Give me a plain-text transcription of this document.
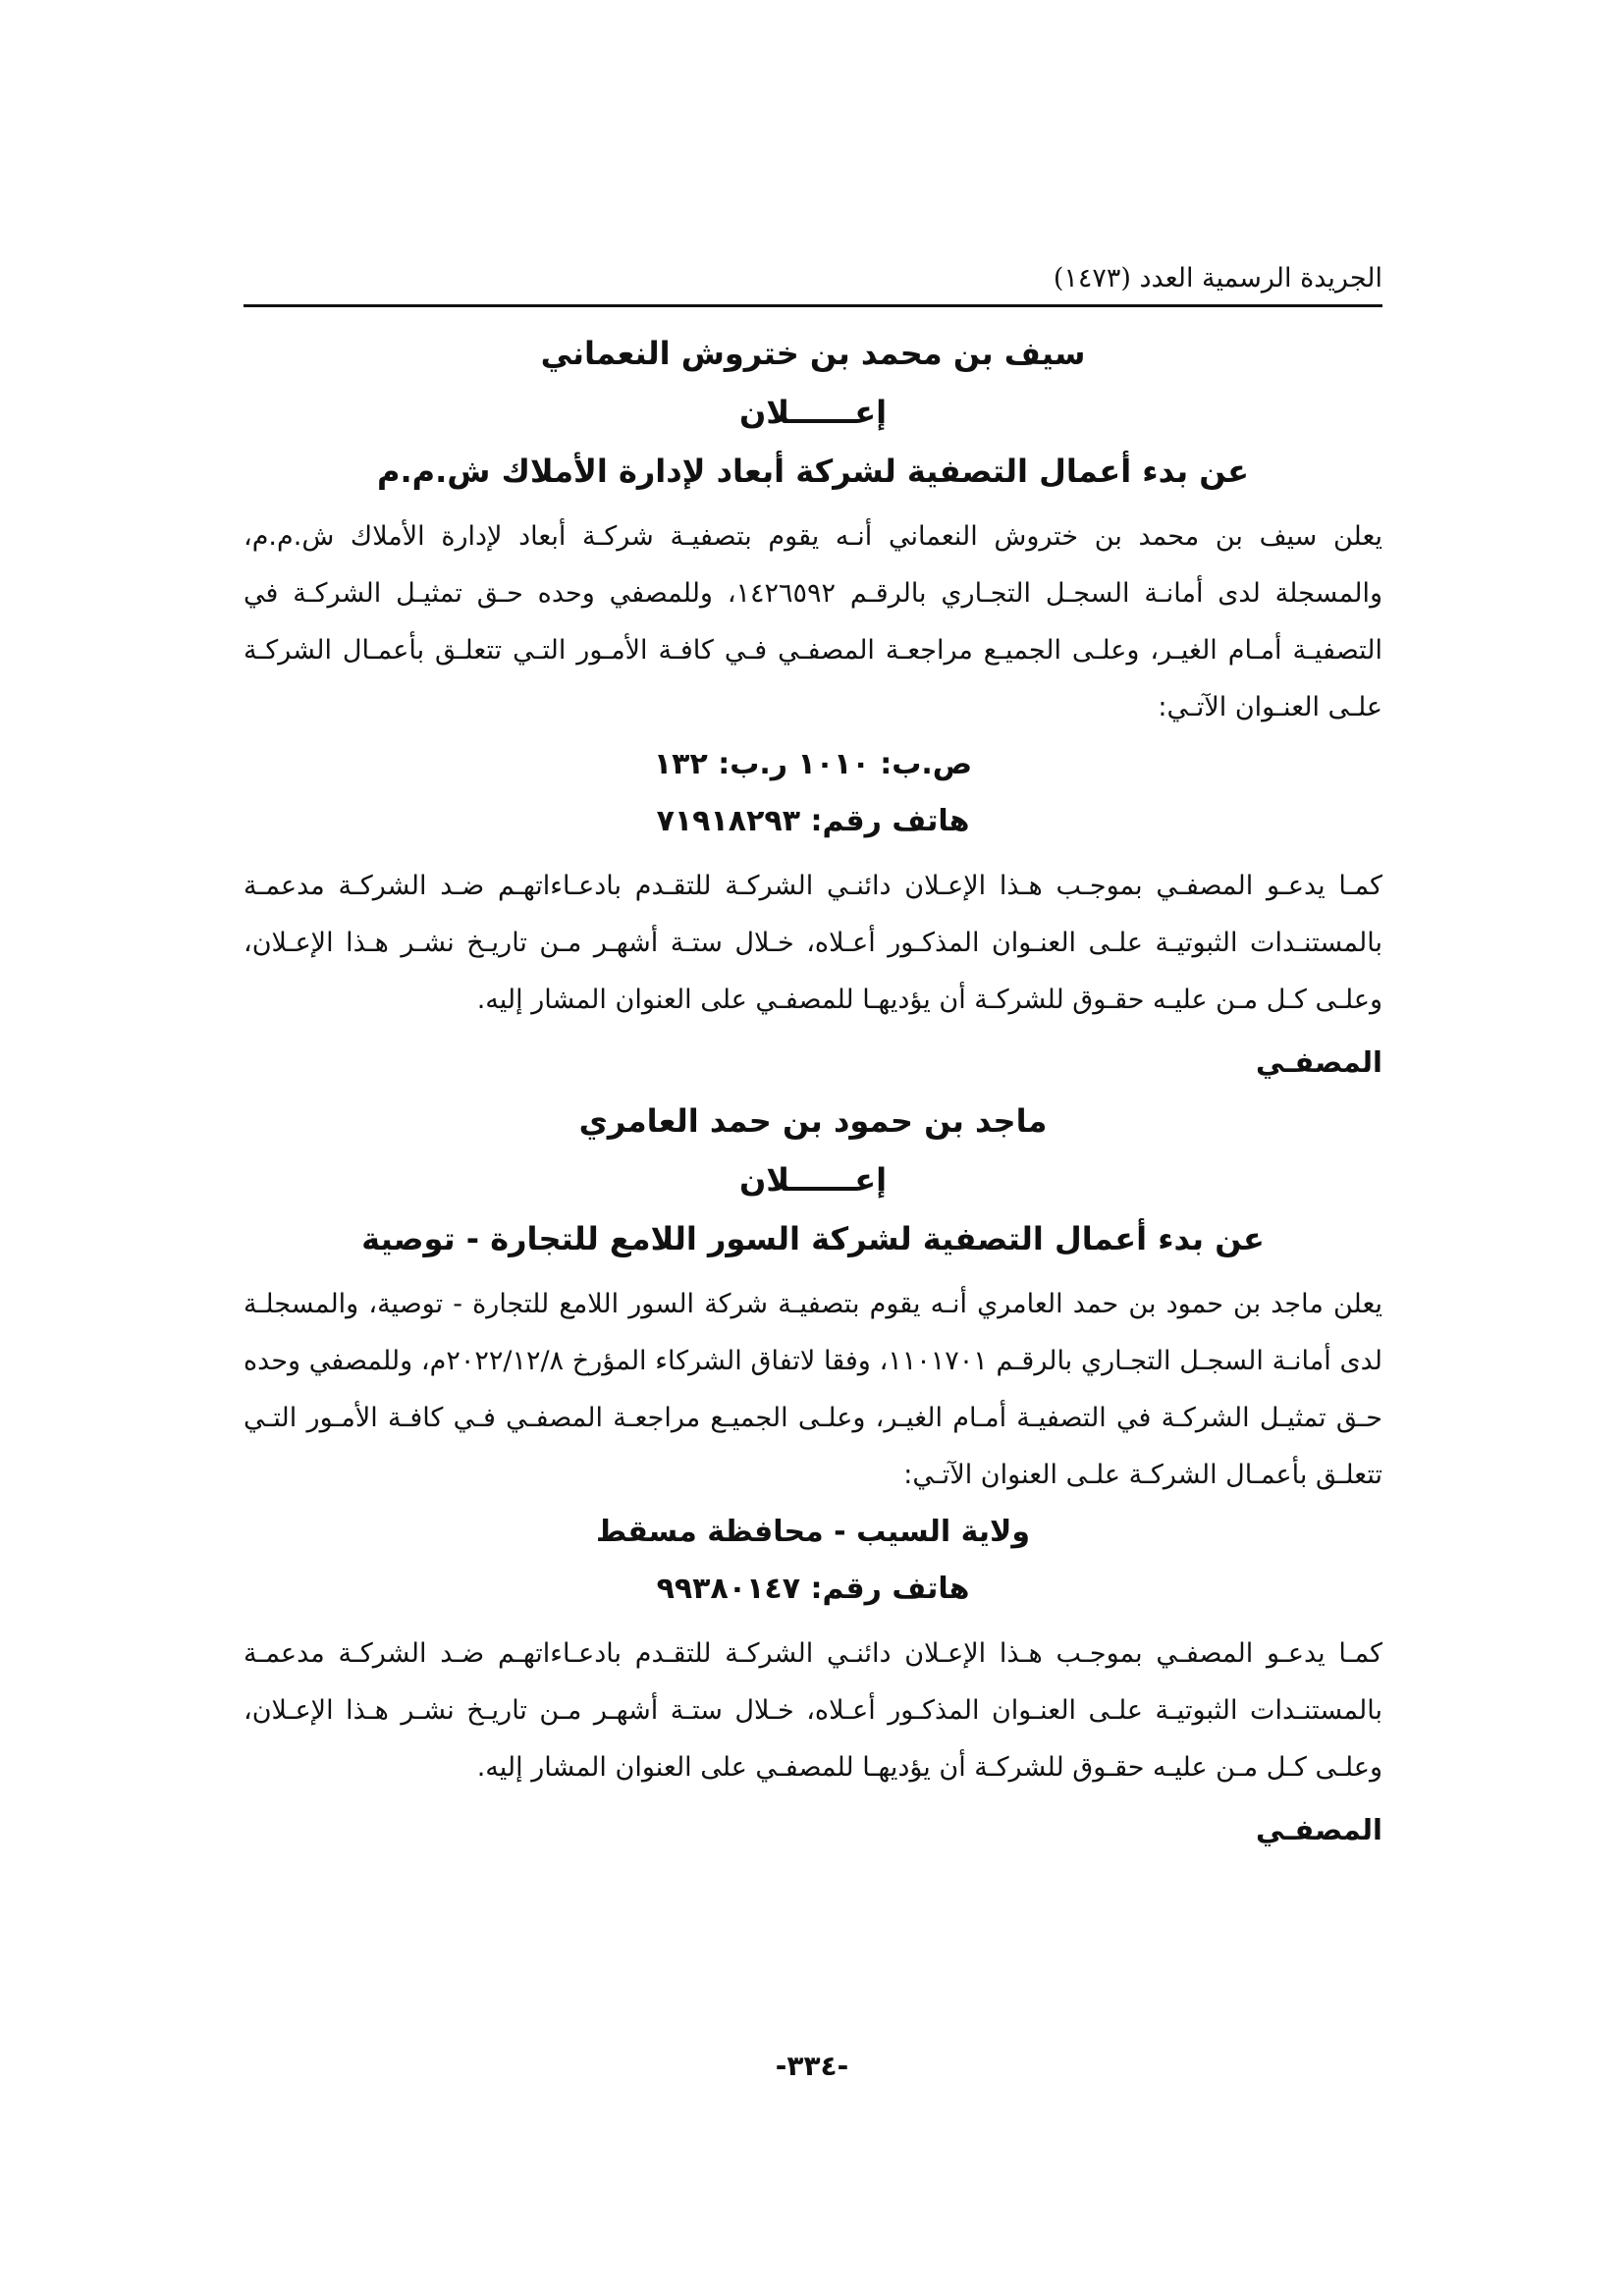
الجريدة الرسمية العدد (١٤٧٣)
سيف بن محمد بن ختروش النعماني
إعــــــلان
عن بدء أعمال التصفية لشركة أبعاد لإدارة الأملاك ش.م.م

يعلن سيف بن محمد بن ختروش النعماني أنـه يقوم بتصفيـة شركـة أبعاد لإدارة الأملاك ش.م.م، والمسجلة لدى أمانـة السجـل التجـاري بالرقـم ١٤٢٦٥٩٢، وللمصفي وحده حـق تمثيـل الشركـة في التصفيـة أمـام الغيـر، وعلـى الجميـع مراجعـة المصفـي فـي كافـة الأمـور التـي تتعلـق بأعمـال الشركـة علـى العنـوان الآتـي:

ص.ب: ١٠١٠ ر.ب: ١٣٢
هاتف رقم: ٧١٩١٨٢٩٣

كمـا يدعـو المصفـي بموجـب هـذا الإعـلان دائنـي الشركـة للتقـدم بادعـاءاتهـم ضـد الشركـة مدعمـة بالمستنـدات الثبوتيـة علـى العنـوان المذكـور أعـلاه، خـلال ستـة أشهـر مـن تاريـخ نشـر هـذا الإعـلان، وعلـى كـل مـن عليـه حقـوق للشركـة أن يؤديهـا للمصفـي على العنوان المشار إليه.

المصفـي
ماجد بن حمود بن حمد العامري
إعــــــلان
عن بدء أعمال التصفية لشركة السور اللامع للتجارة - توصية

يعلن ماجد بن حمود بن حمد العامري أنـه يقوم بتصفيـة شركة السور اللامع للتجارة - توصية، والمسجلـة لدى أمانـة السجـل التجـاري بالرقـم ١١٠١٧٠١، وفقا لاتفاق الشركاء المؤرخ ٢٠٢٢/١٢/٨م، وللمصفي وحده حـق تمثيـل الشركـة في التصفيـة أمـام الغيـر، وعلـى الجميـع مراجعـة المصفـي فـي كافـة الأمـور التـي تتعلـق بأعمـال الشركـة علـى العنوان الآتـي:

ولاية السيب - محافظة مسقط
هاتف رقم: ٩٩٣٨٠١٤٧

كمـا يدعـو المصفـي بموجـب هـذا الإعـلان دائنـي الشركـة للتقـدم بادعـاءاتهـم ضـد الشركـة مدعمـة بالمستنـدات الثبوتيـة علـى العنـوان المذكـور أعـلاه، خـلال ستـة أشهـر مـن تاريـخ نشـر هـذا الإعـلان، وعلـى كـل مـن عليـه حقـوق للشركـة أن يؤديهـا للمصفـي على العنوان المشار إليه.

المصفـي
-٣٣٤-
